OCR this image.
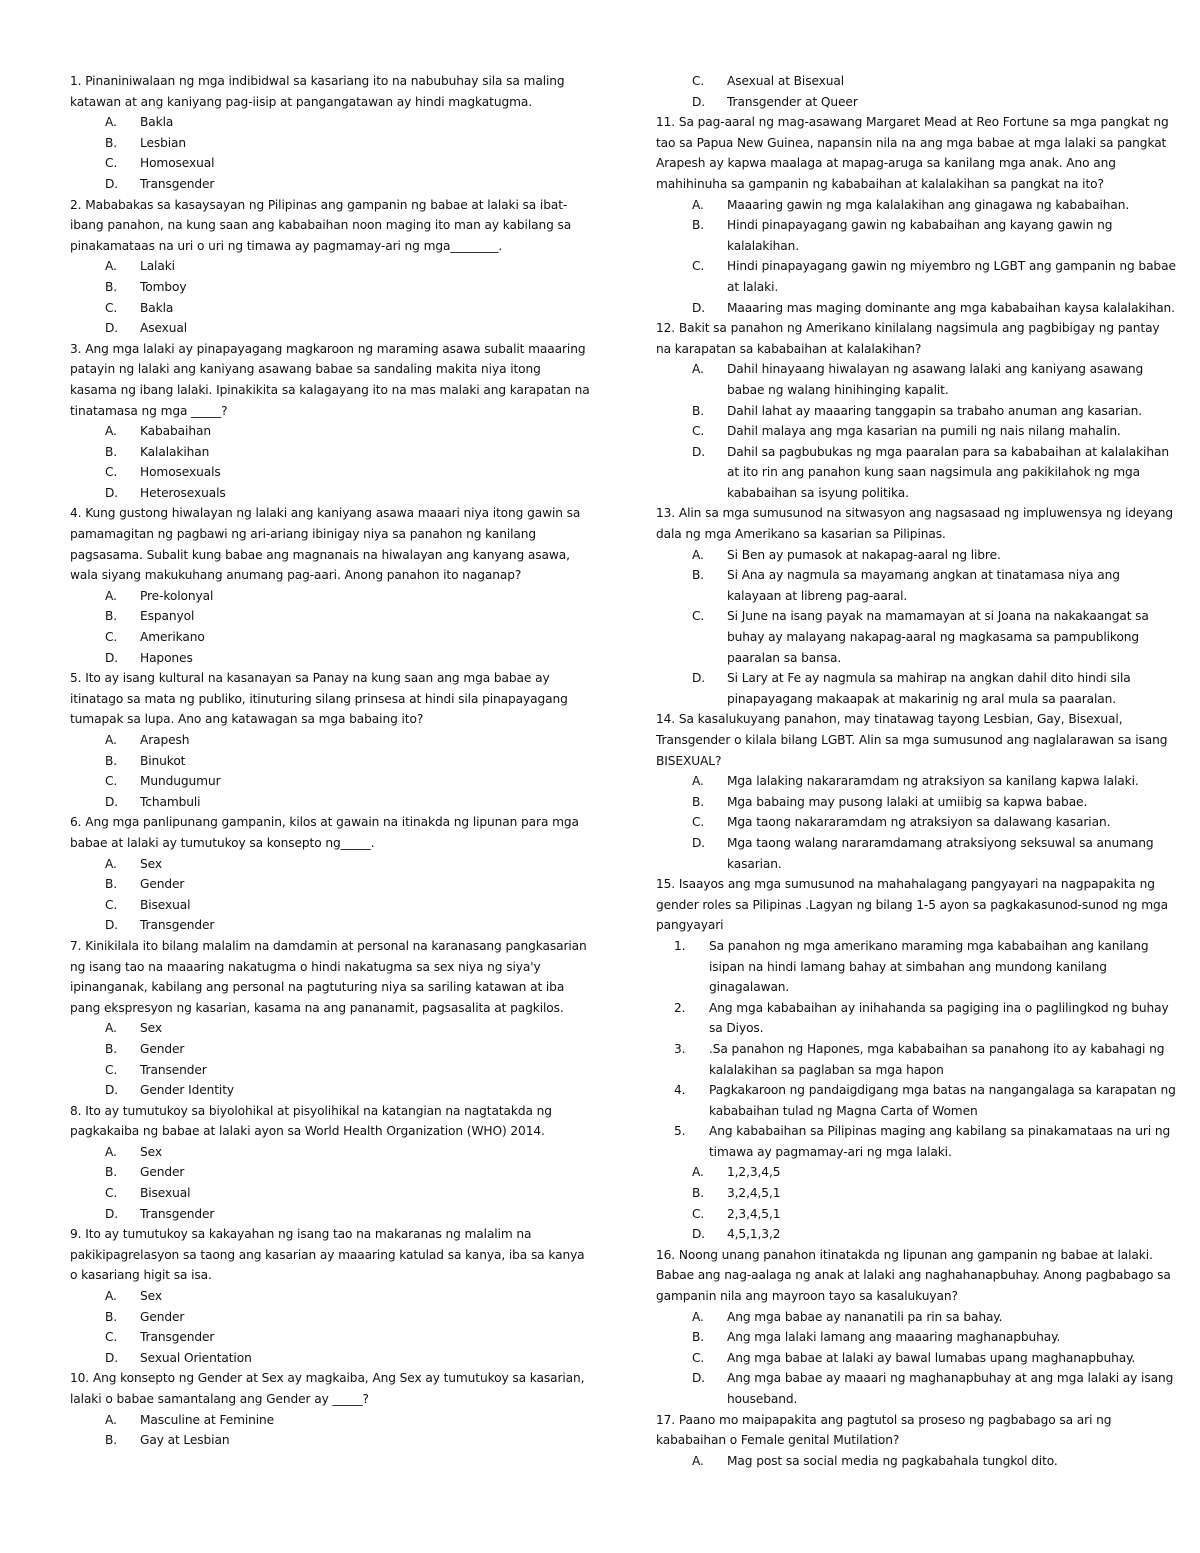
1. Pinaniniwalaan ng mga indibidwal sa kasariang ito na nabubuhay sila sa maling katawan at ang kaniyang pag-iisip at pangangatawan ay hindi magkatugma.

A. Bakla
B. Lesbian
C. Homosexual
D. Transgender

2. Mababakas sa kasaysayan ng Pilipinas ang gampanin ng babae at lalaki sa ibat-ibang panahon, na kung saan ang kababaihan noon maging ito man ay kabilang sa pinakamataas na uri o uri ng timawa ay pagmamay-ari ng mga________.

A. Lalaki
B. Tomboy
C. Bakla
D. Asexual

3. Ang mga lalaki ay pinapayagang magkaroon ng maraming asawa subalit maaaring patayin ng lalaki ang kaniyang asawang babae sa sandaling makita niya itong kasama ng ibang lalaki. Ipinakikita sa kalagayang ito na mas malaki ang karapatan na tinatamasa ng mga _____?

A. Kababaihan
B. Kalalakihan
C. Homosexuals
D. Heterosexuals

4. Kung gustong hiwalayan ng lalaki ang kaniyang asawa maaari niya itong gawin sa pamamagitan ng pagbawi ng ari-ariang ibinigay niya sa panahon ng kanilang pagsasama. Subalit kung babae ang magnanais na hiwalayan ang kanyang asawa, wala siyang makukuhang anumang pag-aari. Anong panahon ito naganap?

A. Pre-kolonyal
B. Espanyol
C. Amerikano
D. Hapones

5. Ito ay isang kultural na kasanayan sa Panay na kung saan ang mga babae ay itinatago sa mata ng publiko, itinuturing silang prinsesa at hindi sila pinapayagang tumapak sa lupa. Ano ang katawagan sa mga babaing ito?

A. Arapesh
B. Binukot
C. Mundugumur
D. Tchambuli

6. Ang mga panlipunang gampanin, kilos at gawain na itinakda ng lipunan para mga babae at lalaki ay tumutukoy sa konsepto ng_____.

A. Sex
B. Gender
C. Bisexual
D. Transgender

7. Kinikilala ito bilang malalim na damdamin at personal na karanasang pangkasarian ng isang tao na maaaring nakatugma o hindi nakatugma sa sex niya ng siya'y ipinanganak, kabilang ang personal na pagtuturing niya sa sariling katawan at iba pang ekspresyon ng kasarian, kasama na ang pananamit, pagsasalita at pagkilos.

A. Sex
B. Gender
C. Transender
D. Gender Identity

8. Ito ay tumutukoy sa biyolohikal at pisyolihikal na katangian na nagtatakda ng pagkakaiba ng babae at lalaki ayon sa World Health Organization (WHO) 2014.

A. Sex
B. Gender
C. Bisexual
D. Transgender

9. Ito ay tumutukoy sa kakayahan ng isang tao na makaranas ng malalim na pakikipagrelasyon sa taong ang kasarian ay maaaring katulad sa kanya, iba sa kanya o kasariang higit sa isa.

A. Sex
B. Gender
C. Transgender
D. Sexual Orientation

10. Ang konsepto ng Gender at Sex ay magkaiba, Ang Sex ay tumutukoy sa kasarian, lalaki o babae samantalang ang Gender ay _____?

A. Masculine at Feminine
B. Gay at Lesbian
C. Asexual at Bisexual
D. Transgender at Queer

11. Sa pag-aaral ng mag-asawang Margaret Mead at Reo Fortune sa mga pangkat ng tao sa Papua New Guinea, napansin nila na ang mga babae at mga lalaki sa pangkat Arapesh ay kapwa maalaga at mapag-aruga sa kanilang mga anak. Ano ang mahihinuha sa gampanin ng kababaihan at kalalakihan sa pangkat na ito?

A. Maaaring gawin ng mga kalalakihan ang ginagawa ng kababaihan.
B. Hindi pinapayagang gawin ng kababaihan ang kayang gawin ng kalalakihan.
C. Hindi pinapayagang gawin ng miyembro ng LGBT ang gampanin ng babae at lalaki.
D. Maaaring mas maging dominante ang mga kababaihan kaysa kalalakihan.

12. Bakit sa panahon ng Amerikano kinilalang nagsimula ang pagbibigay ng pantay na karapatan sa kababaihan at kalalakihan?

A. Dahil hinayaang hiwalayan ng asawang lalaki ang kaniyang asawang babae ng walang hinihinging kapalit.
B. Dahil lahat ay maaaring tanggapin sa trabaho anuman ang kasarian.
C. Dahil malaya ang mga kasarian na pumili ng nais nilang mahalin.
D. Dahil sa pagbubukas ng mga paaralan para sa kababaihan at kalalakihan at ito rin ang panahon kung saan nagsimula ang pakikilahok ng mga kababaihan sa isyung politika.

13. Alin sa mga sumusunod na sitwasyon ang nagsasaad ng impluwensya ng ideyang dala ng mga Amerikano sa kasarian sa Pilipinas.

A. Si Ben ay pumasok at nakapag-aaral ng libre.
B. Si Ana ay nagmula sa mayamang angkan at tinatamasa niya ang kalayaan at libreng pag-aaral.
C. Si June na isang payak na mamamayan at si Joana na nakakaangat sa buhay ay malayang nakapag-aaral ng magkasama sa pampublikong paaralan sa bansa.
D. Si Lary at Fe ay nagmula sa mahirap na angkan dahil dito hindi sila pinapayagang makaapak at makarinig ng aral mula sa paaralan.

14. Sa kasalukuyang panahon, may tinatawag tayong Lesbian, Gay, Bisexual, Transgender o kilala bilang LGBT. Alin sa mga sumusunod ang naglalarawan sa isang BISEXUAL?

A. Mga lalaking nakararamdam ng atraksiyon sa kanilang kapwa lalaki.
B. Mga babaing may pusong lalaki at umiibig sa kapwa babae.
C. Mga taong nakararamdam ng atraksiyon sa dalawang kasarian.
D. Mga taong walang nararamdamang atraksiyong seksuwal sa anumang kasarian.

15. Isaayos ang mga sumusunod na mahahalagang pangyayari na nagpapakita ng gender roles sa Pilipinas .Lagyan ng bilang 1-5 ayon sa pagkakasunod-sunod ng mga pangyayari

1. Sa panahon ng mga amerikano maraming mga kababaihan ang kanilang isipan na hindi lamang bahay at simbahan ang mundong kanilang ginagalawan.
2. Ang mga kababaihan ay inihahanda sa pagiging ina o paglilingkod ng buhay sa Diyos.
3. .Sa panahon ng Hapones, mga kababaihan sa panahong ito ay kabahagi ng kalalakihan sa paglaban sa mga hapon
4. Pagkakaroon ng pandaigdigang mga batas na nangangalaga sa karapatan ng kababaihan tulad ng Magna Carta of Women
5. Ang kababaihan sa Pilipinas maging ang kabilang sa pinakamataas na uri ng timawa ay pagmamay-ari ng mga lalaki.
A. 1,2,3,4,5
B. 3,2,4,5,1
C. 2,3,4,5,1
D. 4,5,1,3,2

16. Noong unang panahon itinatakda ng lipunan ang gampanin ng babae at lalaki. Babae ang nag-aalaga ng anak at lalaki ang naghahanapbuhay. Anong pagbabago sa gampanin nila ang mayroon tayo sa kasalukuyan?

A. Ang mga babae ay nananatili pa rin sa bahay.
B. Ang mga lalaki lamang ang maaaring maghanapbuhay.
C. Ang mga babae at lalaki ay bawal lumabas upang maghanapbuhay.
D. Ang mga babae ay maaari ng maghanapbuhay at ang mga lalaki ay isang houseband.

17. Paano mo maipapakita ang pagtutol sa proseso ng pagbabago sa ari ng kababaihan o Female genital Mutilation?

A. Mag post sa social media ng pagkabahala tungkol dito.
